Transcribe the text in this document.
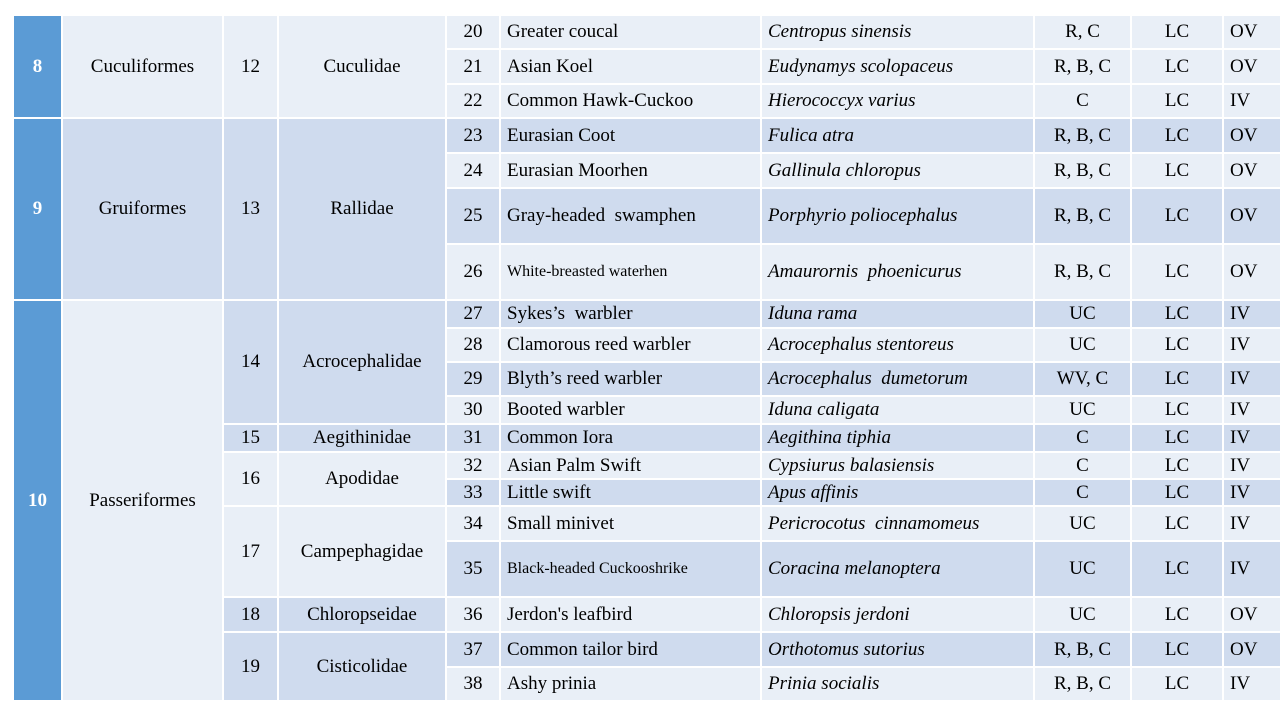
8	Cuculiformes	12	Cuculidae	20	Greater coucal	Centropus sinensis	R, C	LC	OV
				21	Asian Koel	Eudynamys scolopaceus	R, B, C	LC	OV
				22	Common Hawk-Cuckoo	Hierococcyx varius	C	LC	IV
9	Gruiformes	13	Rallidae	23	Eurasian Coot	Fulica atra	R, B, C	LC	OV
				24	Eurasian Moorhen	Gallinula chloropus	R, B, C	LC	OV
				25	Gray-headed  swamphen	Porphyrio poliocephalus	R, B, C	LC	OV
				26	White-breasted waterhen	Amaurornis  phoenicurus	R, B, C	LC	OV
10	Passeriformes	14	Acrocephalidae	27	Sykes’s  warbler	Iduna rama	UC	LC	IV
				28	Clamorous reed warbler	Acrocephalus stentoreus	UC	LC	IV
				29	Blyth’s reed warbler	Acrocephalus  dumetorum	WV, C	LC	IV
				30	Booted warbler	Iduna caligata	UC	LC	IV
		15	Aegithinidae	31	Common Iora	Aegithina tiphia	C	LC	IV
		16	Apodidae	32	Asian Palm Swift	Cypsiurus balasiensis	C	LC	IV
				33	Little swift	Apus affinis	C	LC	IV
		17	Campephagidae	34	Small minivet	Pericrocotus  cinnamomeus	UC	LC	IV
				35	Black-headed Cuckooshrike	Coracina melanoptera	UC	LC	IV
		18	Chloropseidae	36	Jerdon's leafbird	Chloropsis jerdoni	UC	LC	OV
		19	Cisticolidae	37	Common tailor bird	Orthotomus sutorius	R, B, C	LC	OV
				38	Ashy prinia	Prinia socialis	R, B, C	LC	IV
